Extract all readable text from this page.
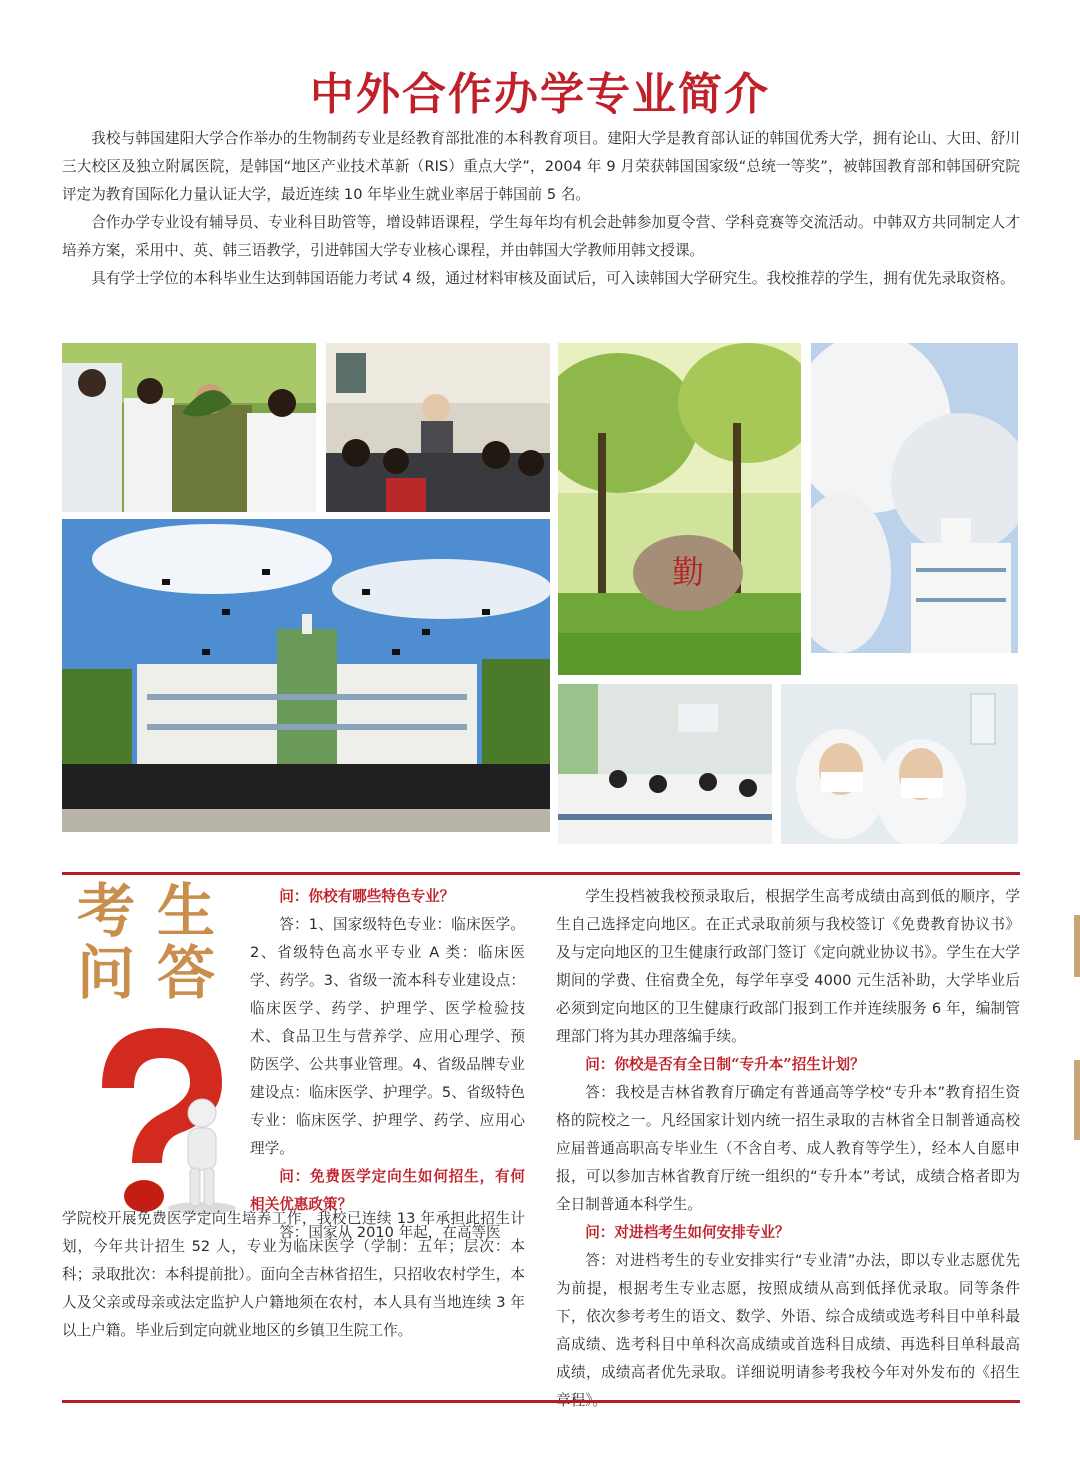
中外合作办学专业简介

我校与韩国建阳大学合作举办的生物制药专业是经教育部批准的本科教育项目。建阳大学是教育部认证的韩国优秀大学，拥有论山、大田、舒川三大校区及独立附属医院，是韩国“地区产业技术革新（RIS）重点大学”，2004 年 9 月荣获韩国国家级“总统一等奖”，被韩国教育部和韩国研究院评定为教育国际化力量认证大学，最近连续 10 年毕业生就业率居于韩国前 5 名。

合作办学专业设有辅导员、专业科目助管等，增设韩语课程，学生每年均有机会赴韩参加夏令营、学科竞赛等交流活动。中韩双方共同制定人才培养方案，采用中、英、韩三语教学，引进韩国大学专业核心课程，并由韩国大学教师用韩文授课。

具有学士学位的本科毕业生达到韩国语能力考试 4 级，通过材料审核及面试后，可入读韩国大学研究生。我校推荐的学生，拥有优先录取资格。

勤
考 生
问 答

问：你校有哪些特色专业？

答：1、国家级特色专业：临床医学。2、省级特色高水平专业 A 类：临床医学、药学。3、省级一流本科专业建设点：临床医学、药学、护理学、医学检验技术、食品卫生与营养学、应用心理学、预防医学、公共事业管理。4、省级品牌专业建设点：临床医学、护理学。5、省级特色专业：临床医学、护理学、药学、应用心理学。

问：免费医学定向生如何招生，有何相关优惠政策？

答：国家从 2010 年起，在高等医

学院校开展免费医学定向生培养工作，我校已连续 13 年承担此招生计划，今年共计招生 52 人，专业为临床医学（学制：五年；层次：本科；录取批次：本科提前批）。面向全吉林省招生，只招收农村学生，本人及父亲或母亲或法定监护人户籍地须在农村，本人具有当地连续 3 年以上户籍。毕业后到定向就业地区的乡镇卫生院工作。

学生投档被我校预录取后，根据学生高考成绩由高到低的顺序，学生自己选择定向地区。在正式录取前须与我校签订《免费教育协议书》及与定向地区的卫生健康行政部门签订《定向就业协议书》。学生在大学期间的学费、住宿费全免，每学年享受 4000 元生活补助，大学毕业后必须到定向地区的卫生健康行政部门报到工作并连续服务 6 年，编制管理部门将为其办理落编手续。

问：你校是否有全日制“专升本”招生计划？

答：我校是吉林省教育厅确定有普通高等学校“专升本”教育招生资格的院校之一。凡经国家计划内统一招生录取的吉林省全日制普通高校应届普通高职高专毕业生（不含自考、成人教育等学生），经本人自愿申报，可以参加吉林省教育厅统一组织的“专升本”考试，成绩合格者即为全日制普通本科学生。

问：对进档考生如何安排专业？

答：对进档考生的专业安排实行“专业清”办法，即以专业志愿优先为前提，根据考生专业志愿，按照成绩从高到低择优录取。同等条件下，依次参考考生的语文、数学、外语、综合成绩或选考科目中单科最高成绩、选考科目中单科次高成绩或首选科目成绩、再选科目单科最高成绩，成绩高者优先录取。详细说明请参考我校今年对外发布的《招生
